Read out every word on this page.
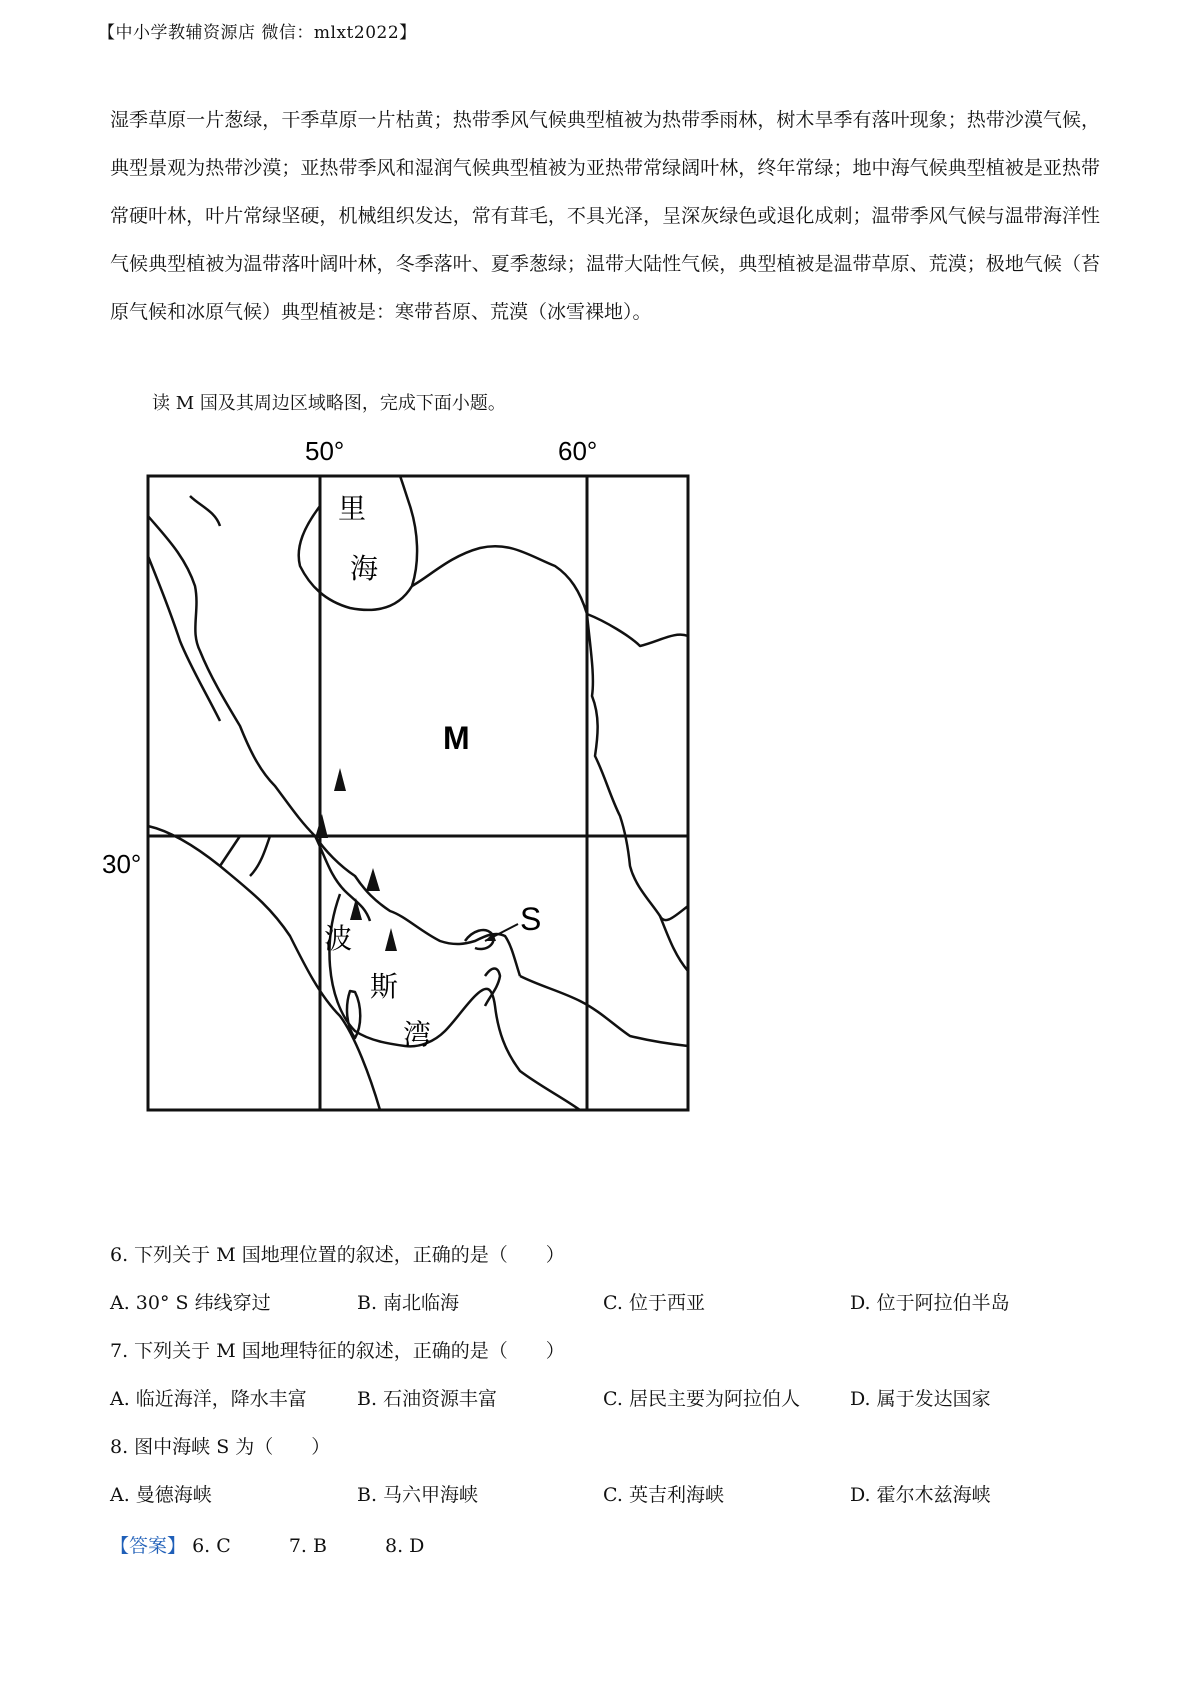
【中小学教辅资源店 微信：mlxt2022】
湿季草原一片葱绿，干季草原一片枯黄；热带季风气候典型植被为热带季雨林，树木旱季有落叶现象；热带沙漠气候，典型景观为热带沙漠；亚热带季风和湿润气候典型植被为亚热带常绿阔叶林，终年常绿；地中海气候典型植被是亚热带常硬叶林，叶片常绿坚硬，机械组织发达，常有茸毛，不具光泽，呈深灰绿色或退化成刺；温带季风气候与温带海洋性气候典型植被为温带落叶阔叶林，冬季落叶、夏季葱绿；温带大陆性气候，典型植被是温带草原、荒漠；极地气候（苔原气候和冰原气候）典型植被是：寒带苔原、荒漠（冰雪裸地）。
读 M 国及其周边区域略图，完成下面小题。
50°	60°
30°
里
海
M
波
斯
湾
S
6. 下列关于 M 国地理位置的叙述，正确的是（　　）
A. 30° S 纬线穿过	B. 南北临海	C. 位于西亚	D. 位于阿拉伯半岛
7. 下列关于 M 国地理特征的叙述，正确的是（　　）
A. 临近海洋，降水丰富	B. 石油资源丰富	C. 居民主要为阿拉伯人	D. 属于发达国家
8. 图中海峡 S 为（　　）
A. 曼德海峡	B. 马六甲海峡	C. 英吉利海峡	D. 霍尔木兹海峡
【答案】 6. C	7. B	8. D
